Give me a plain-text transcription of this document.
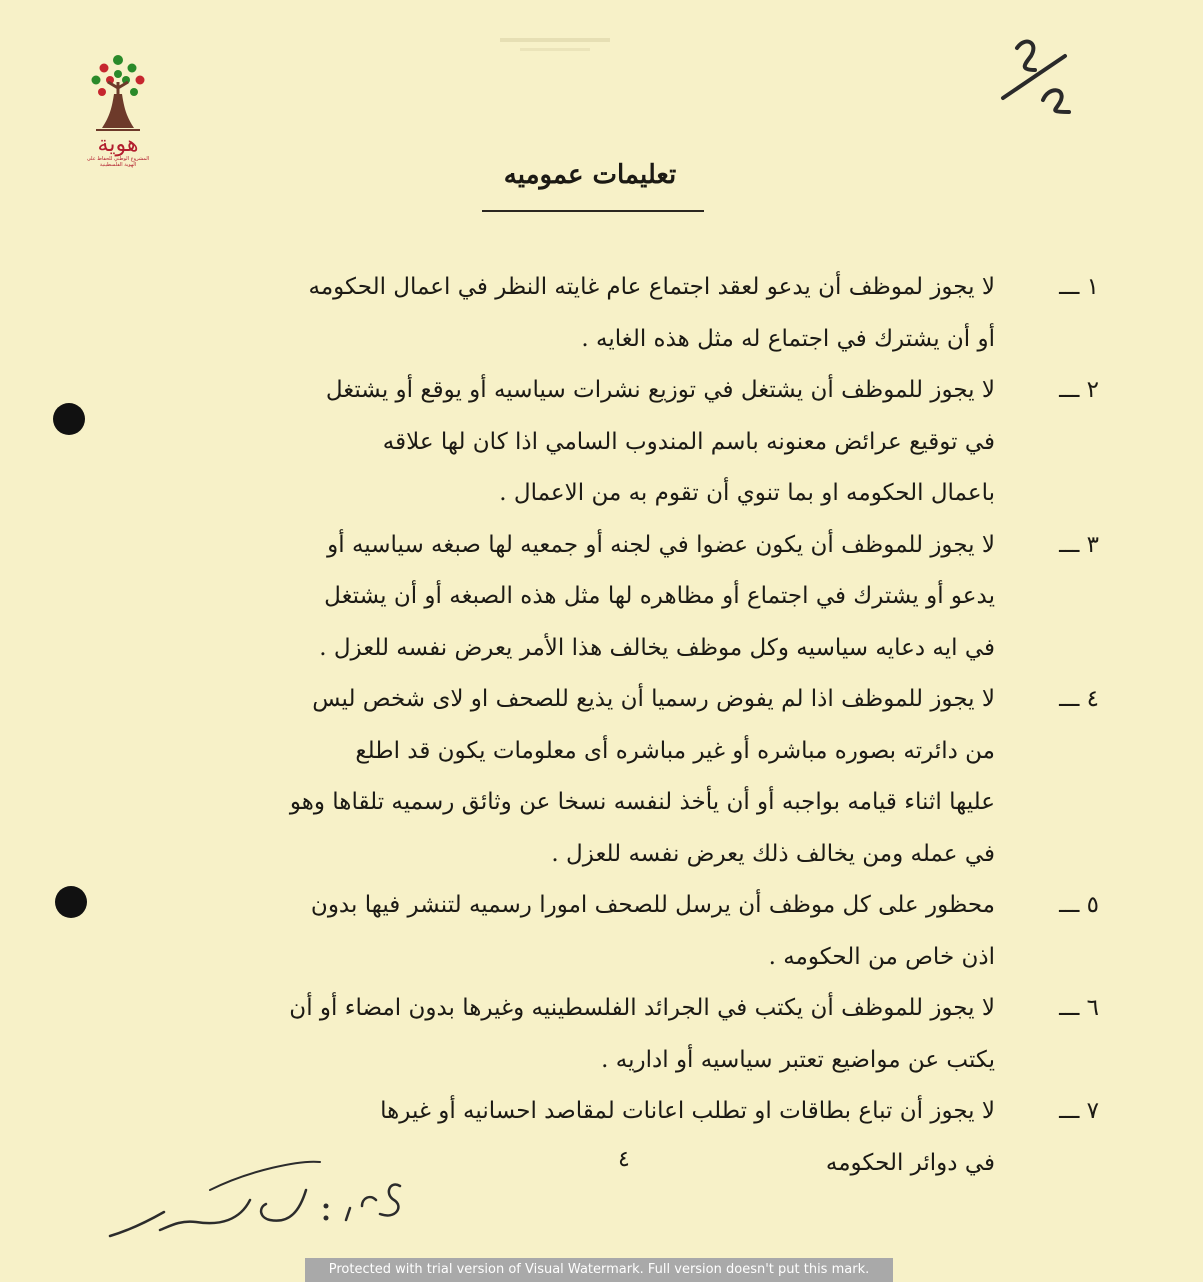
هوية
المشروع الوطني للحفاظ على
الهوية الفلسطينية	تعليمات عموميه
١ ـــ
لا يجوز لموظف أن يدعو لعقد اجتماع عام غايته النظر في اعمال الحكومه
أو أن يشترك في اجتماع له مثل هذه الغايه .
٢ ـــ
لا يجوز للموظف أن يشتغل في توزيع نشرات سياسيه أو يوقع أو يشتغل
في توقيع عرائض معنونه باسم المندوب السامي اذا كان لها علاقه
باعمال الحكومه او بما تنوي أن تقوم به من الاعمال .
٣ ـــ
لا يجوز للموظف أن يكون عضوا في لجنه أو جمعيه لها صبغه سياسيه أو
يدعو أو يشترك في اجتماع أو مظاهره لها مثل هذه الصبغه أو أن يشتغل
في ايه دعايه سياسيه وكل موظف يخالف هذا الأمر يعرض نفسه للعزل .
٤ ـــ
لا يجوز للموظف اذا لم يفوض رسميا أن يذيع للصحف او لاى شخص ليس
من دائرته بصوره مباشره أو غير مباشره أى معلومات يكون قد اطلع
عليها اثناء قيامه بواجبه أو أن يأخذ لنفسه نسخا عن وثائق رسميه تلقاها وهو
في عمله ومن يخالف ذلك يعرض نفسه للعزل .
٥ ـــ
محظور على كل موظف أن يرسل للصحف امورا رسميه لتنشر فيها بدون
اذن خاص من الحكومه .
٦ ـــ
لا يجوز للموظف أن يكتب في الجرائد الفلسطينيه وغيرها بدون امضاء أو أن
يكتب عن مواضيع تعتبر سياسيه أو اداريه .
٧ ـــ
لا يجوز أن تباع بطاقات او تطلب اعانات لمقاصد احسانيه أو غيرها
في دوائر الحكومه
٤
Protected with trial version of Visual Watermark. Full version doesn't put this mark.
